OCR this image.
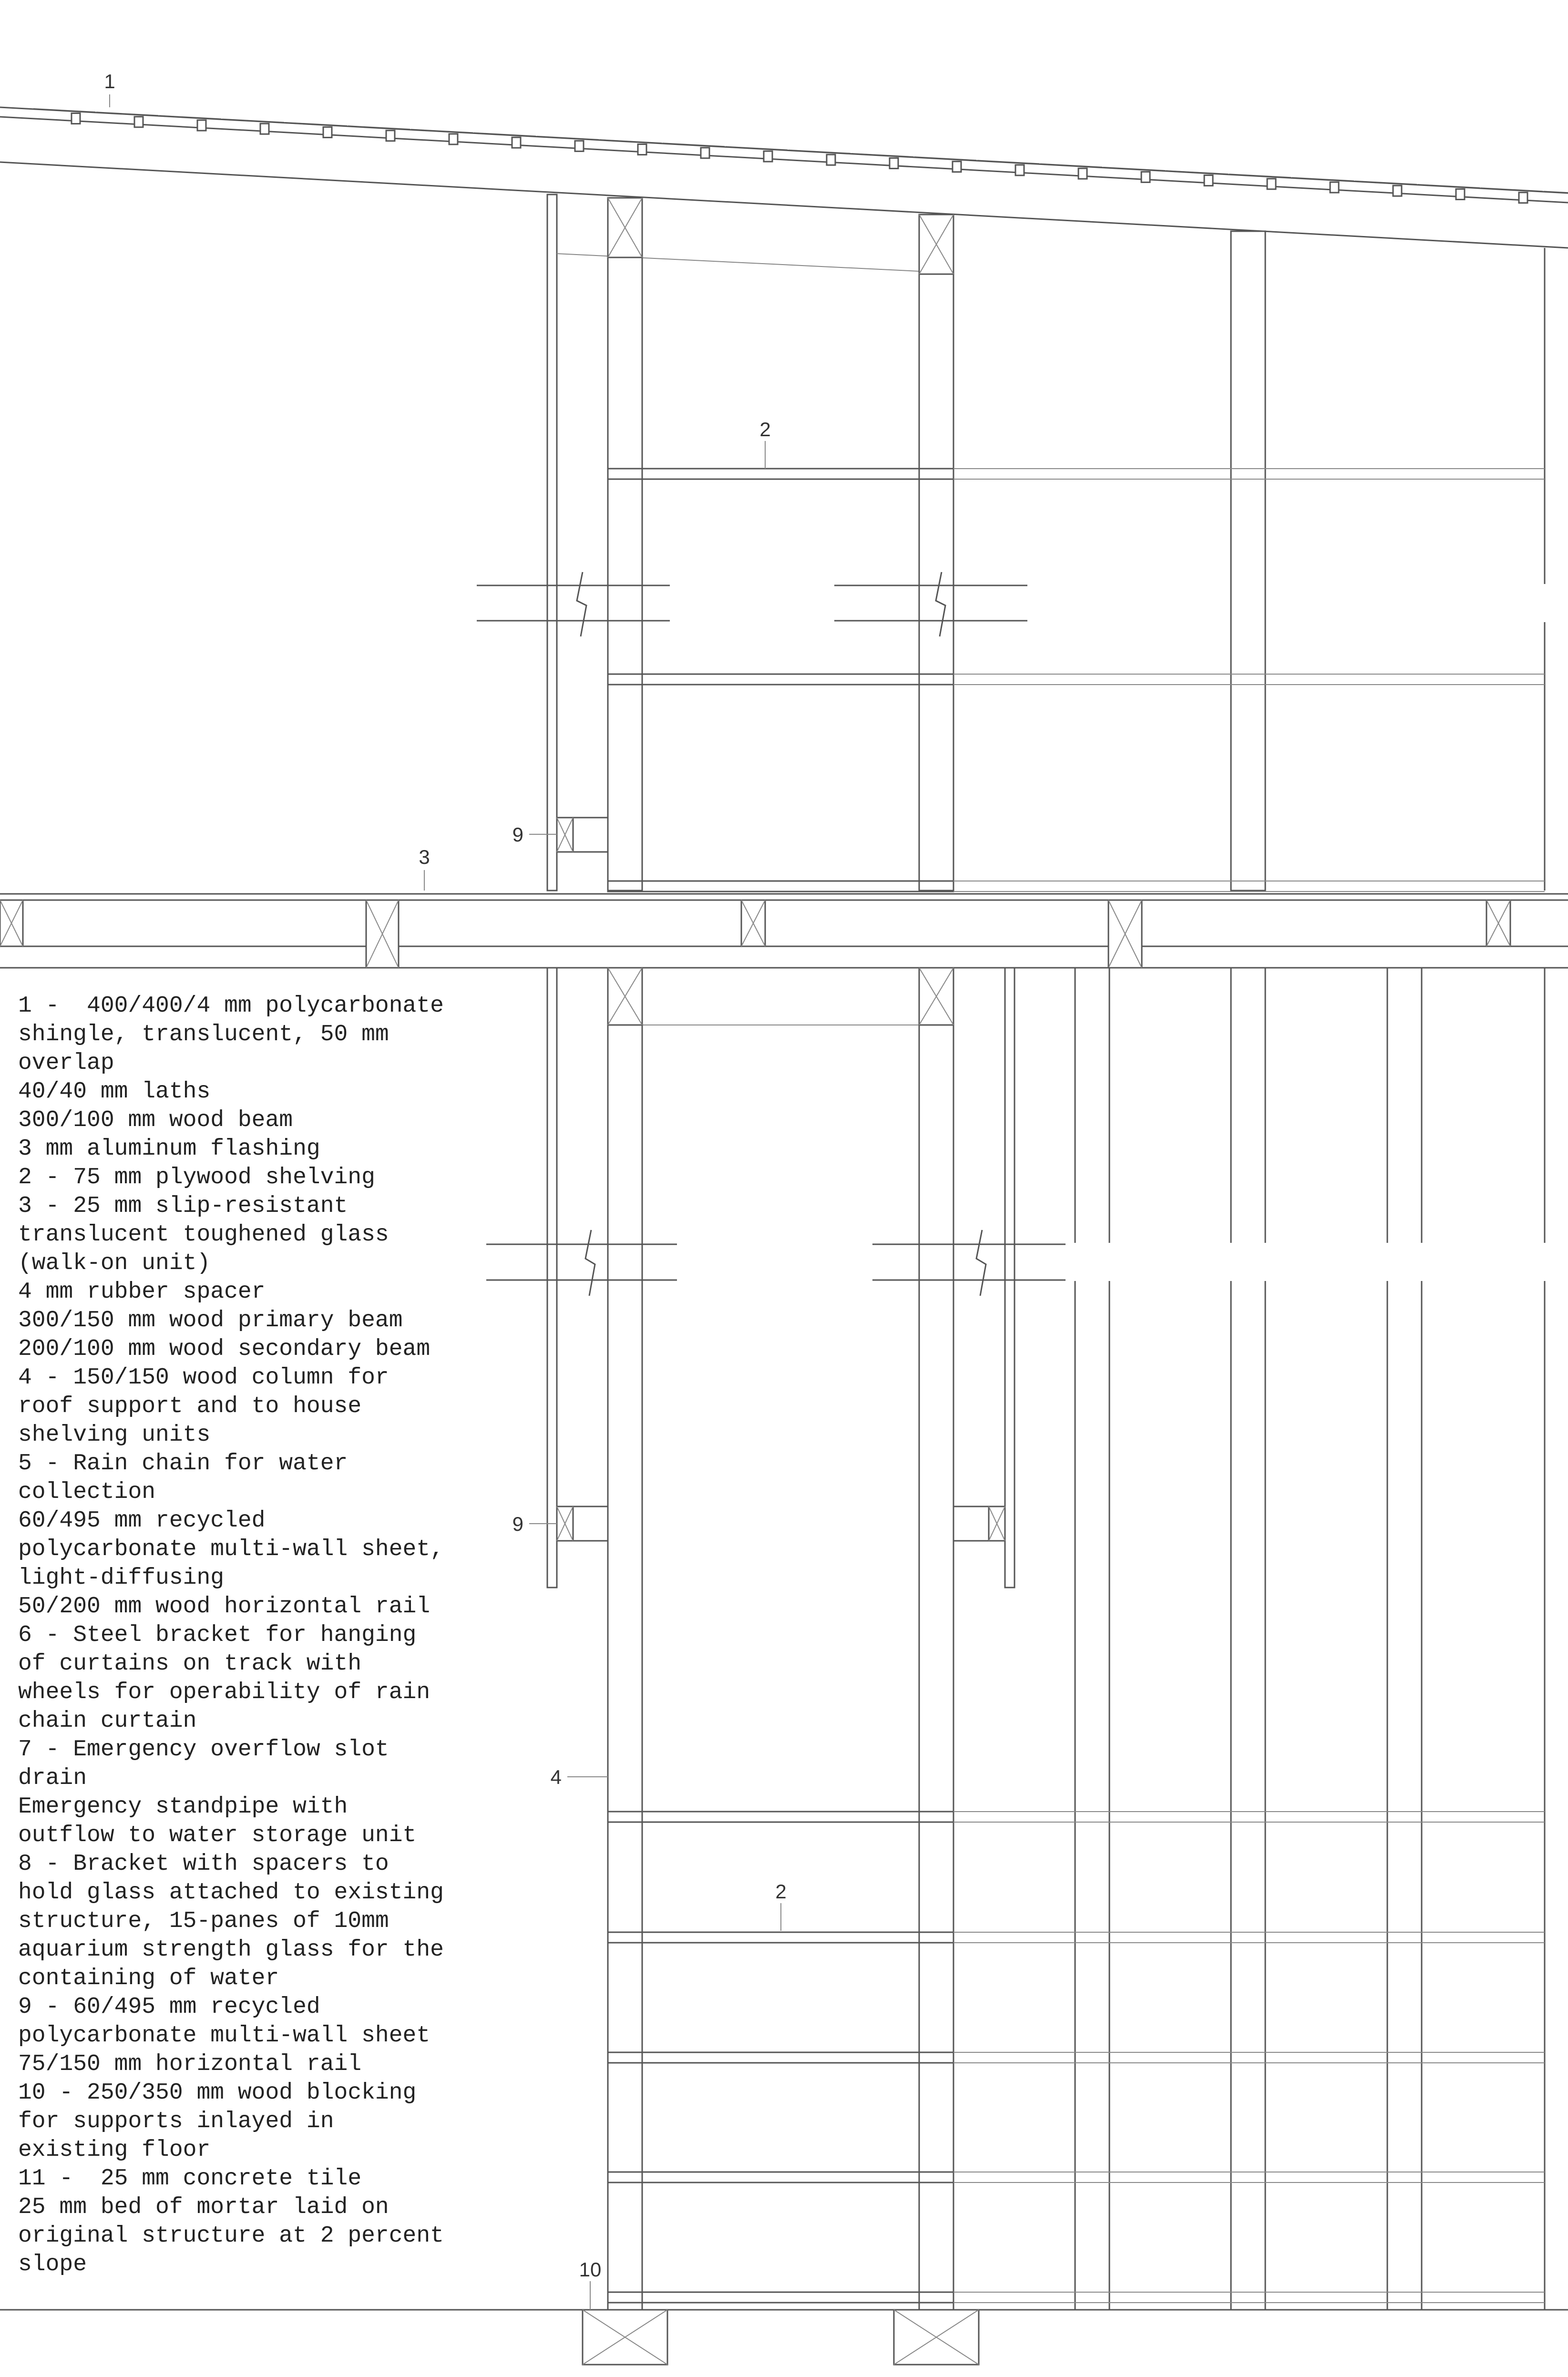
1
2
3
9
9
4
2
10
1 -  400/400/4 mm polycarbonate
shingle, translucent, 50 mm
overlap
40/40 mm laths
300/100 mm wood beam
3 mm aluminum flashing
2 - 75 mm plywood shelving
3 - 25 mm slip-resistant
translucent toughened glass
(walk-on unit)
4 mm rubber spacer
300/150 mm wood primary beam
200/100 mm wood secondary beam
4 - 150/150 wood column for
roof support and to house
shelving units
5 - Rain chain for water
collection
60/495 mm recycled
polycarbonate multi-wall sheet,
light-diffusing
50/200 mm wood horizontal rail
6 - Steel bracket for hanging
of curtains on track with
wheels for operability of rain
chain curtain
7 - Emergency overflow slot
drain
Emergency standpipe with
outflow to water storage unit
8 - Bracket with spacers to
hold glass attached to existing
structure, 15-panes of 10mm
aquarium strength glass for the
containing of water
9 - 60/495 mm recycled
polycarbonate multi-wall sheet
75/150 mm horizontal rail
10 - 250/350 mm wood blocking
for supports inlayed in
existing floor
11 -  25 mm concrete tile
25 mm bed of mortar laid on
original structure at 2 percent
slope
